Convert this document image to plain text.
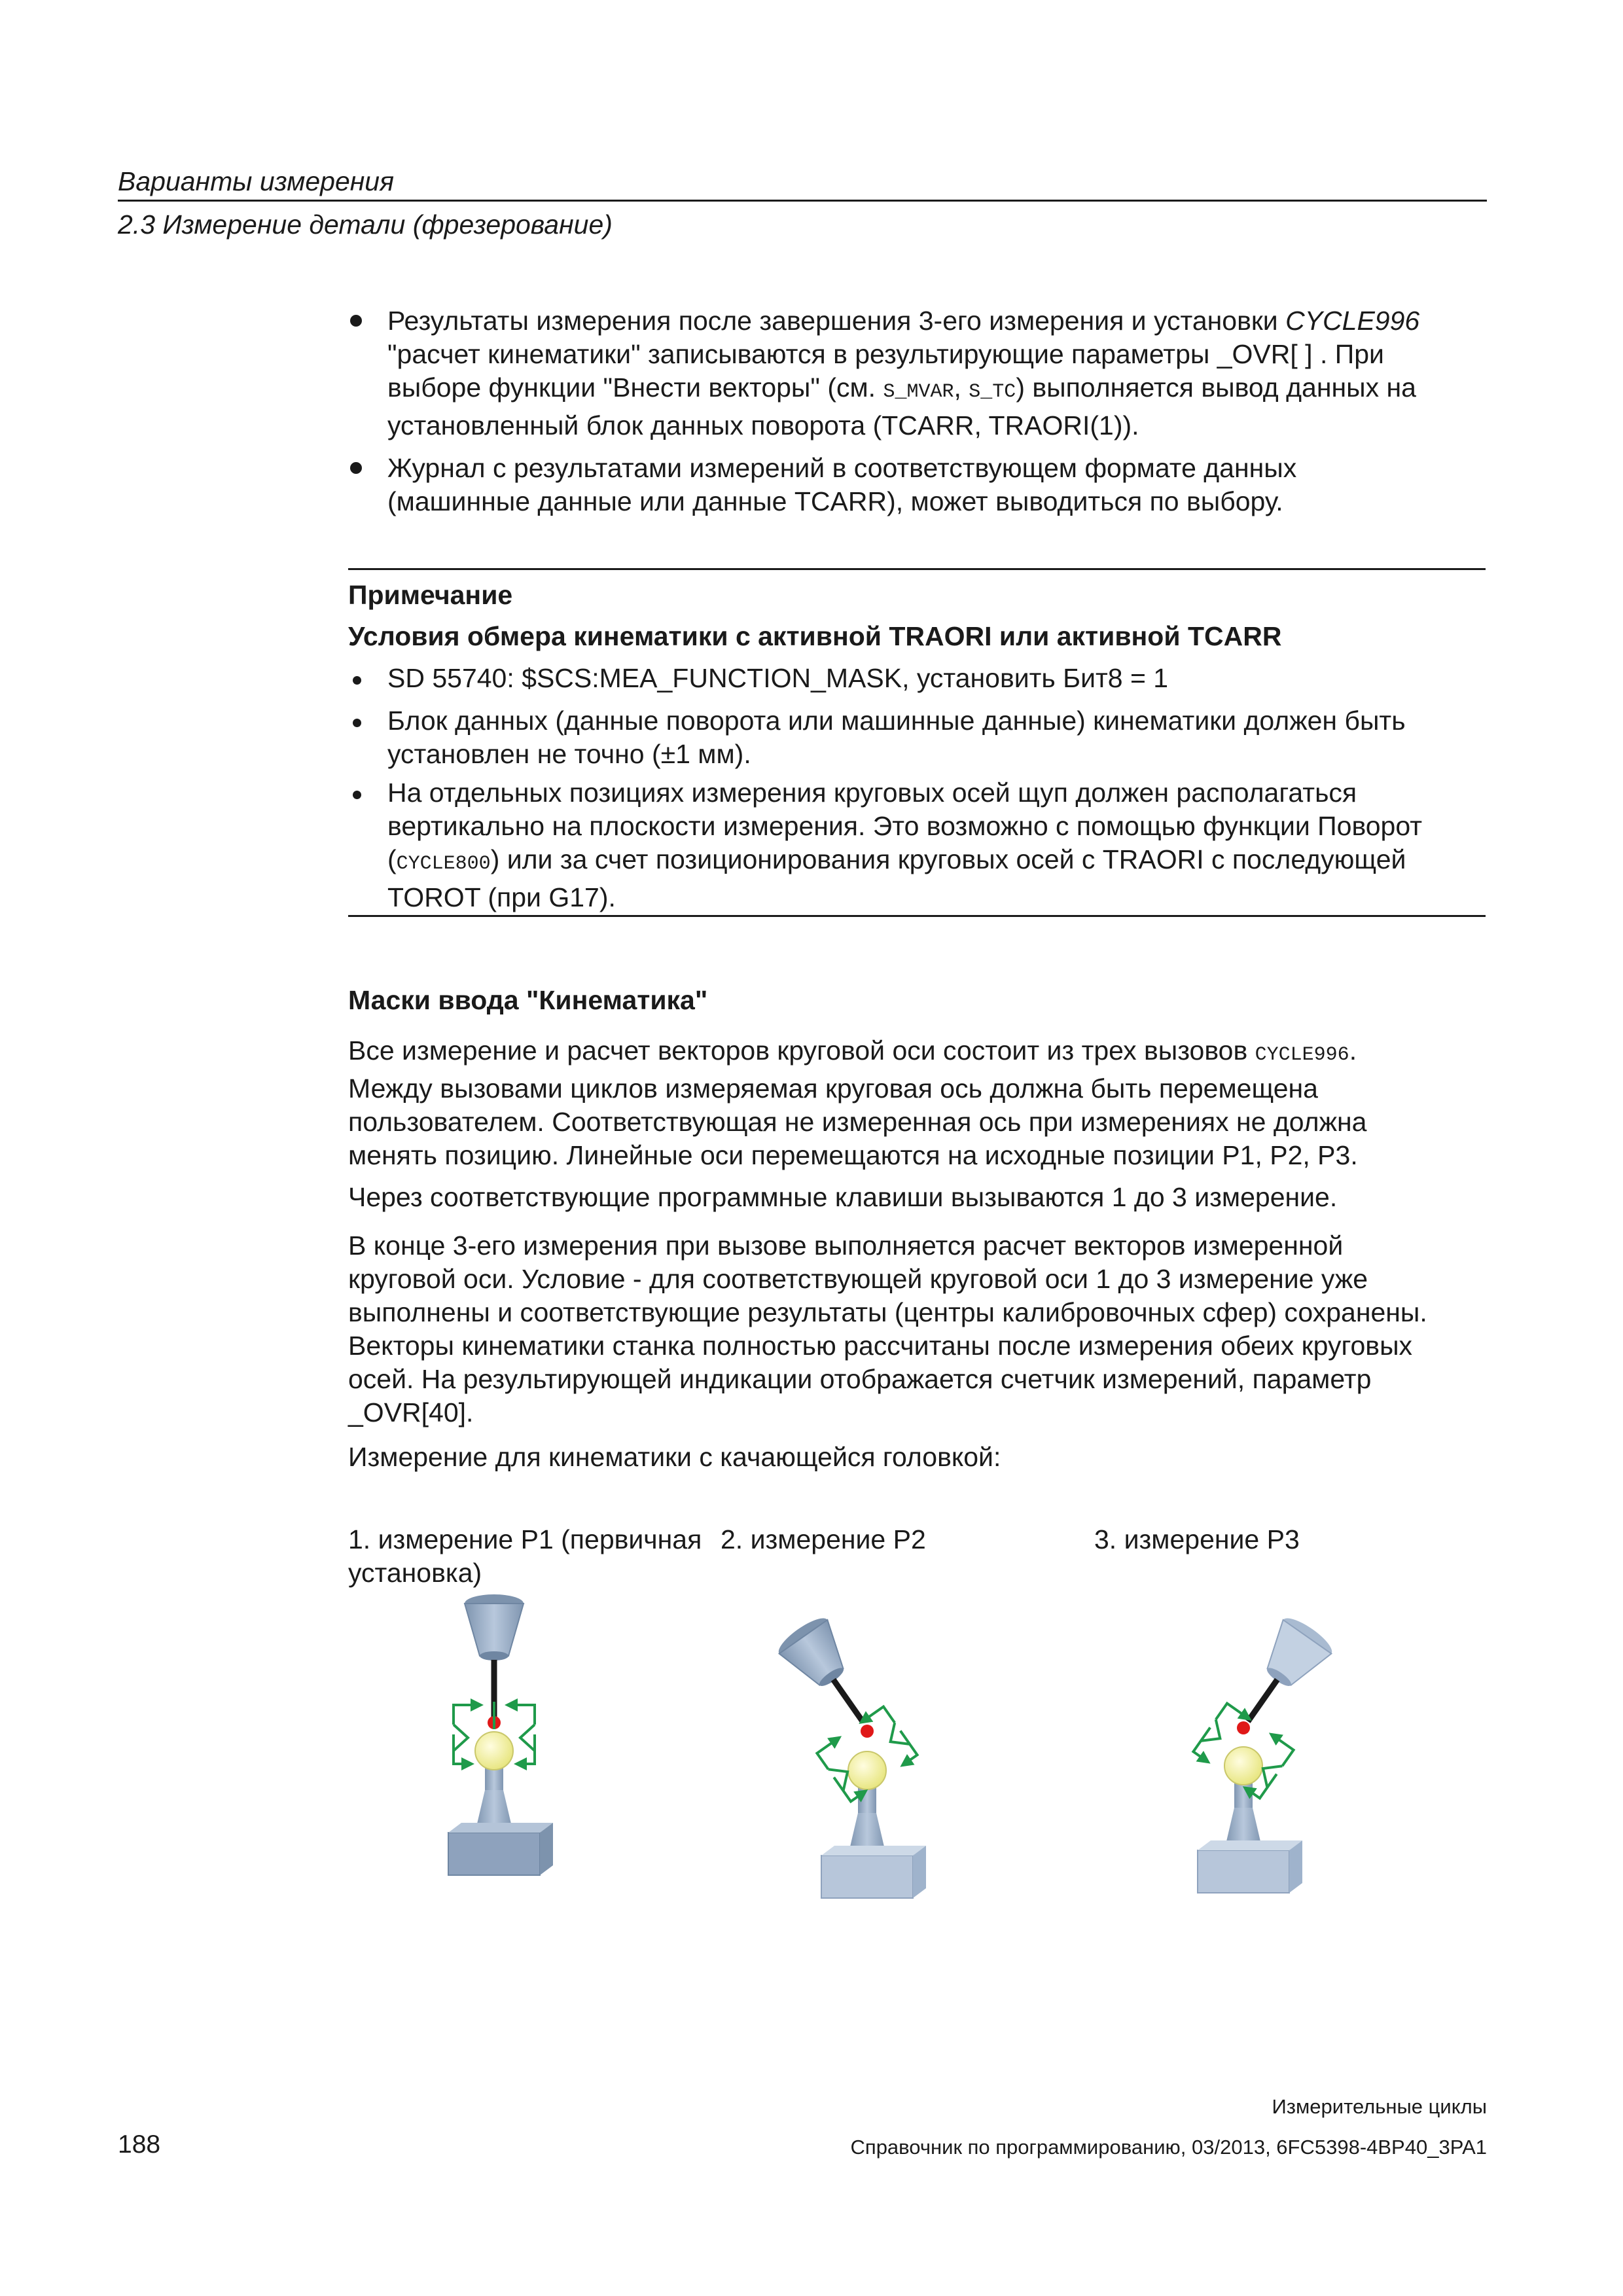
Варианты измерения
2.3 Измерение детали (фрезерование)
Результаты измерения после завершения 3-его измерения и установки CYCLE996
"расчет кинематики" записываются в результирующие параметры _OVR[ ] . При
выборе функции "Внести векторы" (см. S_MVAR, S_TC) выполняется вывод данных на
установленный блок данных поворота (TCARR, TRAORI(1)).
Журнал с результатами измерений в соответствующем формате данных
(машинные данные или данные TCARR), может выводиться по выбору.
Примечание
Условия обмера кинематики с активной TRAORI или активной TCARR
SD 55740: $SCS:MEA_FUNCTION_MASK, установить Бит8 = 1
Блок данных (данные поворота или машинные данные) кинематики должен быть
установлен не точно (±1 мм).
На отдельных позициях измерения круговых осей щуп должен располагаться
вертикально на плоскости измерения. Это возможно с помощью функции Поворот
(CYCLE800) или за счет позиционирования круговых осей с TRAORI с последующей
TOROT (при G17).
Маски ввода "Кинематика"
Все измерение и расчет векторов круговой оси состоит из трех вызовов CYCLE996.
Между вызовами циклов измеряемая круговая ось должна быть перемещена
пользователем. Соответствующая не измеренная ось при измерениях не должна
менять позицию. Линейные оси перемещаются на исходные позиции P1, P2, P3.
Через соответствующие программные клавиши вызываются 1 до 3 измерение.
В конце 3-его измерения при вызове выполняется расчет векторов измеренной
круговой оси. Условие - для соответствующей круговой оси 1 до 3 измерение уже
выполнены и соответствующие результаты (центры калибровочных сфер) сохранены.
Векторы кинематики станка полностью рассчитаны после измерения обеих круговых
осей. На результирующей индикации отображается счетчик измерений, параметр
_OVR[40].
Измерение для кинематики с качающейся головкой:
1. измерение P1 (первичная
установка)
2. измерение P2	3. измерение P3
Измерительные циклы
188	Справочник по программированию, 03/2013, 6FC5398-4BP40_3PA1
